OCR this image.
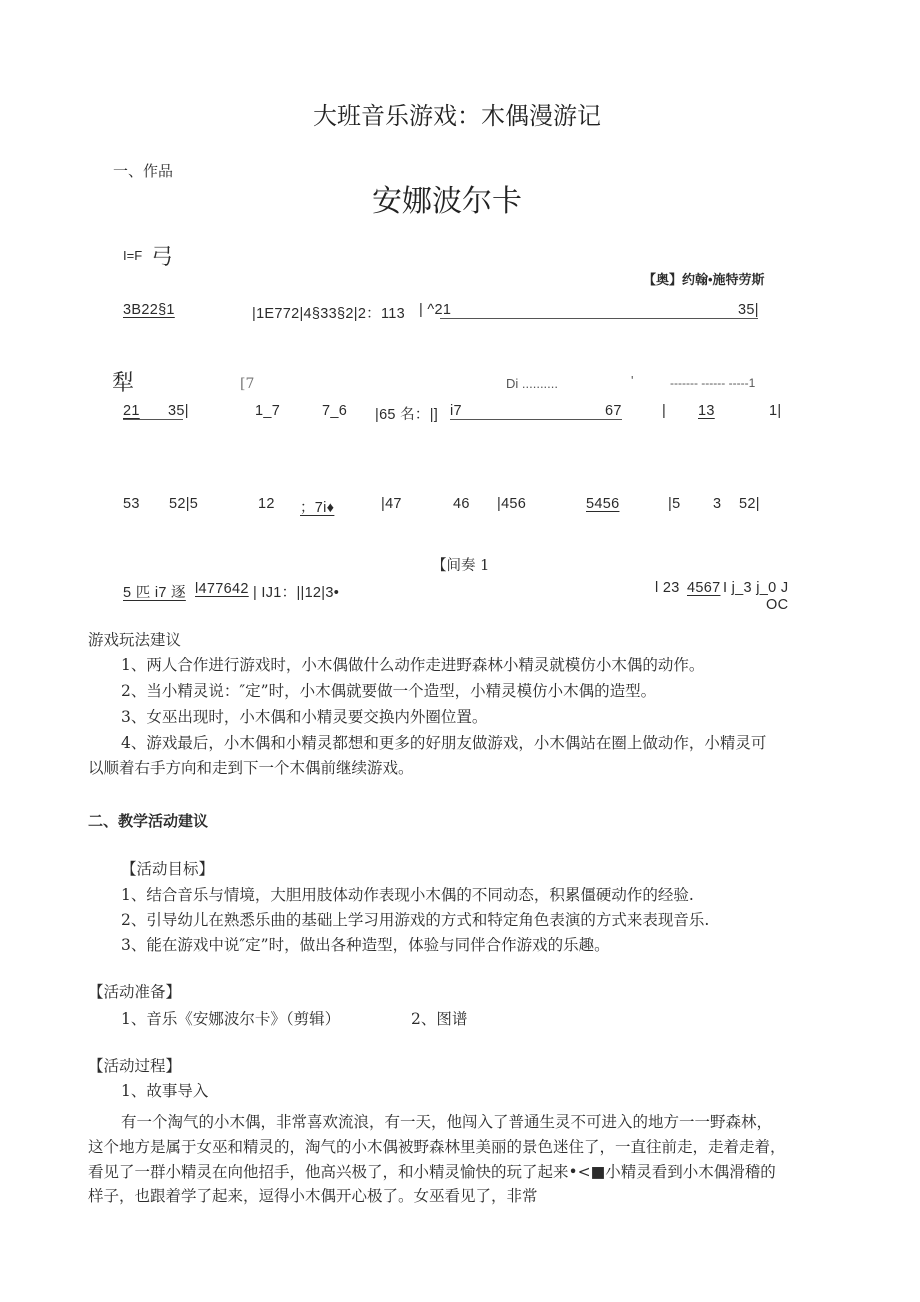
大班音乐游戏：木偶漫游记
一、作品
安娜波尔卡
I=F 弓
【奥】约翰•施特劳斯
3B22§1	|1E772|4§33§2|2：113 | ^21	35|
犁	[7	Di ..........	'	------- ------ -----1
21 35|	1_7	7_6 |65 名：|] i7	67	| 13	1|
53 52|5	12 ；7i♦	|47	46 |456	5456	|5 3 52|
【间奏 1
5 匹 i7 逐 l477642 | IJ1：||12|3•	l 23 4567 I j_3 j_0 J
OC
游戏玩法建议
1、两人合作进行游戏时，小木偶做什么动作走进野森林小精灵就模仿小木偶的动作。
2、当小精灵说：″定”时，小木偶就要做一个造型，小精灵模仿小木偶的造型。
3、女巫出现时，小木偶和小精灵要交换内外圈位置。
4、游戏最后，小木偶和小精灵都想和更多的好朋友做游戏，小木偶站在圈上做动作，小精灵可
以顺着右手方向和走到下一个木偶前继续游戏。
二、教学活动建议
【活动目标】
1、结合音乐与情境，大胆用肢体动作表现小木偶的不同动态，积累僵硬动作的经验.
2、引导幼儿在熟悉乐曲的基础上学习用游戏的方式和特定角色表演的方式来表现音乐.
3、能在游戏中说″定”时，做出各种造型，体验与同伴合作游戏的乐趣。
【活动准备】
1、音乐《安娜波尔卡》（剪辑）	2、图谱
【活动过程】
1、故事导入
有一个淘气的小木偶，非常喜欢流浪，有一天，他闯入了普通生灵不可进入的地方一一野森林，
这个地方是属于女巫和精灵的，淘气的小木偶被野森林里美丽的景色迷住了，一直往前走，走着走着，
看见了一群小精灵在向他招手，他高兴极了，和小精灵愉快的玩了起来•<■小精灵看到小木偶滑稽的
样子，也跟着学了起来，逗得小木偶开心极了。女巫看见了，非常
